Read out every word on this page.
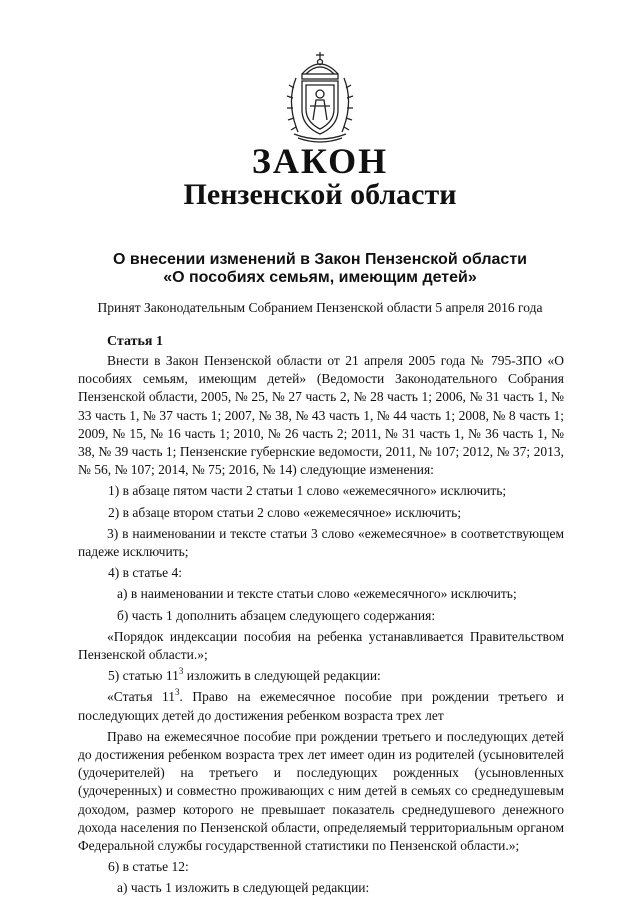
ЗАКОН
Пензенской области
О внесении изменений в Закон Пензенской области
«О пособиях семьям, имеющим детей»
Принят Законодательным Собранием Пензенской области 5 апреля 2016 года
Статья 1

Внести в Закон Пензенской области от 21 апреля 2005 года № 795-ЗПО «О пособиях семьям, имеющим детей» (Ведомости Законодательного Собрания Пензенской области, 2005, № 25, № 27 часть 2, № 28 часть 1; 2006, № 31 часть 1, № 33 часть 1, № 37 часть 1; 2007, № 38, № 43 часть 1, № 44 часть 1; 2008, № 8 часть 1; 2009, № 15, № 16 часть 1; 2010, № 26 часть 2; 2011, № 31 часть 1, № 36 часть 1, № 38, № 39 часть 1; Пензенские губернские ведомости, 2011, № 107; 2012, № 37; 2013, № 56, № 107; 2014, № 75; 2016, № 14) следующие изменения:

1) в абзаце пятом части 2 статьи 1 слово «ежемесячного» исключить;

2) в абзаце втором статьи 2 слово «ежемесячное» исключить;

3) в наименовании и тексте статьи 3 слово «ежемесячное» в соответствующем падеже исключить;

4) в статье 4:

а) в наименовании и тексте статьи слово «ежемесячного» исключить;

б) часть 1 дополнить абзацем следующего содержания:

«Порядок индексации пособия на ребенка устанавливается Правительством Пензенской области.»;

5) статью $11^3$ изложить в следующей редакции:

«Статья $11^3$. Право на ежемесячное пособие при рождении третьего и последующих детей до достижения ребенком возраста трех лет

Право на ежемесячное пособие при рождении третьего и последующих детей до достижения ребенком возраста трех лет имеет один из родителей (усыновителей (удочерителей) на третьего и последующих рожденных (усыновленных (удочеренных) и совместно проживающих с ним детей в семьях со среднедушевым доходом, размер которого не превышает показатель среднедушевого денежного дохода населения по Пензенской области, определяемый территориальным органом Федеральной службы государственной статистики по Пензенской области.»;

6) в статье 12:

а) часть 1 изложить в следующей редакции:
